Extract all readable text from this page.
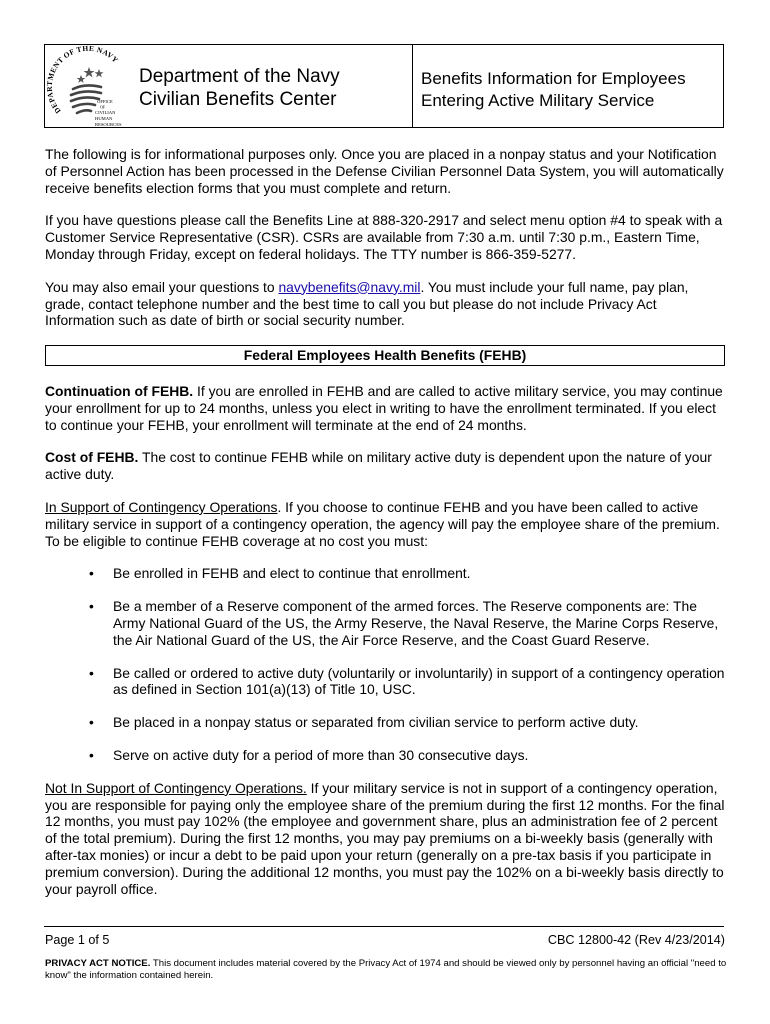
DEPARTMENT OF THE NAVY
OFFICE
OF
CIVILIAN
HUMAN
RESOURCES
Department of the Navy
Civilian Benefits Center
Benefits Information for Employees
Entering Active Military Service

The following is for informational purposes only. Once you are placed in a nonpay status and your Notification of Personnel Action has been processed in the Defense Civilian Personnel Data System, you will automatically receive benefits election forms that you must complete and return.

If you have questions please call the Benefits Line at 888-320-2917 and select menu option #4 to speak with a Customer Service Representative (CSR). CSRs are available from 7:30 a.m. until 7:30 p.m., Eastern Time, Monday through Friday, except on federal holidays. The TTY number is 866-359-5277.

You may also email your questions to navybenefits@navy.mil. You must include your full name, pay plan, grade, contact telephone number and the best time to call you but please do not include Privacy Act Information such as date of birth or social security number.

Federal Employees Health Benefits (FEHB)

Continuation of FEHB. If you are enrolled in FEHB and are called to active military service, you may continue your enrollment for up to 24 months, unless you elect in writing to have the enrollment terminated. If you elect to continue your FEHB, your enrollment will terminate at the end of 24 months.

Cost of FEHB. The cost to continue FEHB while on military active duty is dependent upon the nature of your active duty.

In Support of Contingency Operations. If you choose to continue FEHB and you have been called to active military service in support of a contingency operation, the agency will pay the employee share of the premium. To be eligible to continue FEHB coverage at no cost you must:

• Be enrolled in FEHB and elect to continue that enrollment.
• Be a member of a Reserve component of the armed forces. The Reserve components are: The Army National Guard of the US, the Army Reserve, the Naval Reserve, the Marine Corps Reserve, the Air National Guard of the US, the Air Force Reserve, and the Coast Guard Reserve.
• Be called or ordered to active duty (voluntarily or involuntarily) in support of a contingency operation as defined in Section 101(a)(13) of Title 10, USC.
• Be placed in a nonpay status or separated from civilian service to perform active duty.
• Serve on active duty for a period of more than 30 consecutive days.

Not In Support of Contingency Operations. If your military service is not in support of a contingency operation, you are responsible for paying only the employee share of the premium during the first 12 months. For the final 12 months, you must pay 102% (the employee and government share, plus an administration fee of 2 percent of the total premium). During the first 12 months, you may pay premiums on a bi-weekly basis (generally with after-tax monies) or incur a debt to be paid upon your return (generally on a pre-tax basis if you participate in premium conversion). During the additional 12 months, you must pay the 102% on a bi-weekly basis directly to your payroll office.

Page 1 of 5	CBC 12800-42 (Rev 4/23/2014)
PRIVACY ACT NOTICE. This document includes material covered by the Privacy Act of 1974 and should be viewed only by personnel having an official "need to know" the information contained herein.
